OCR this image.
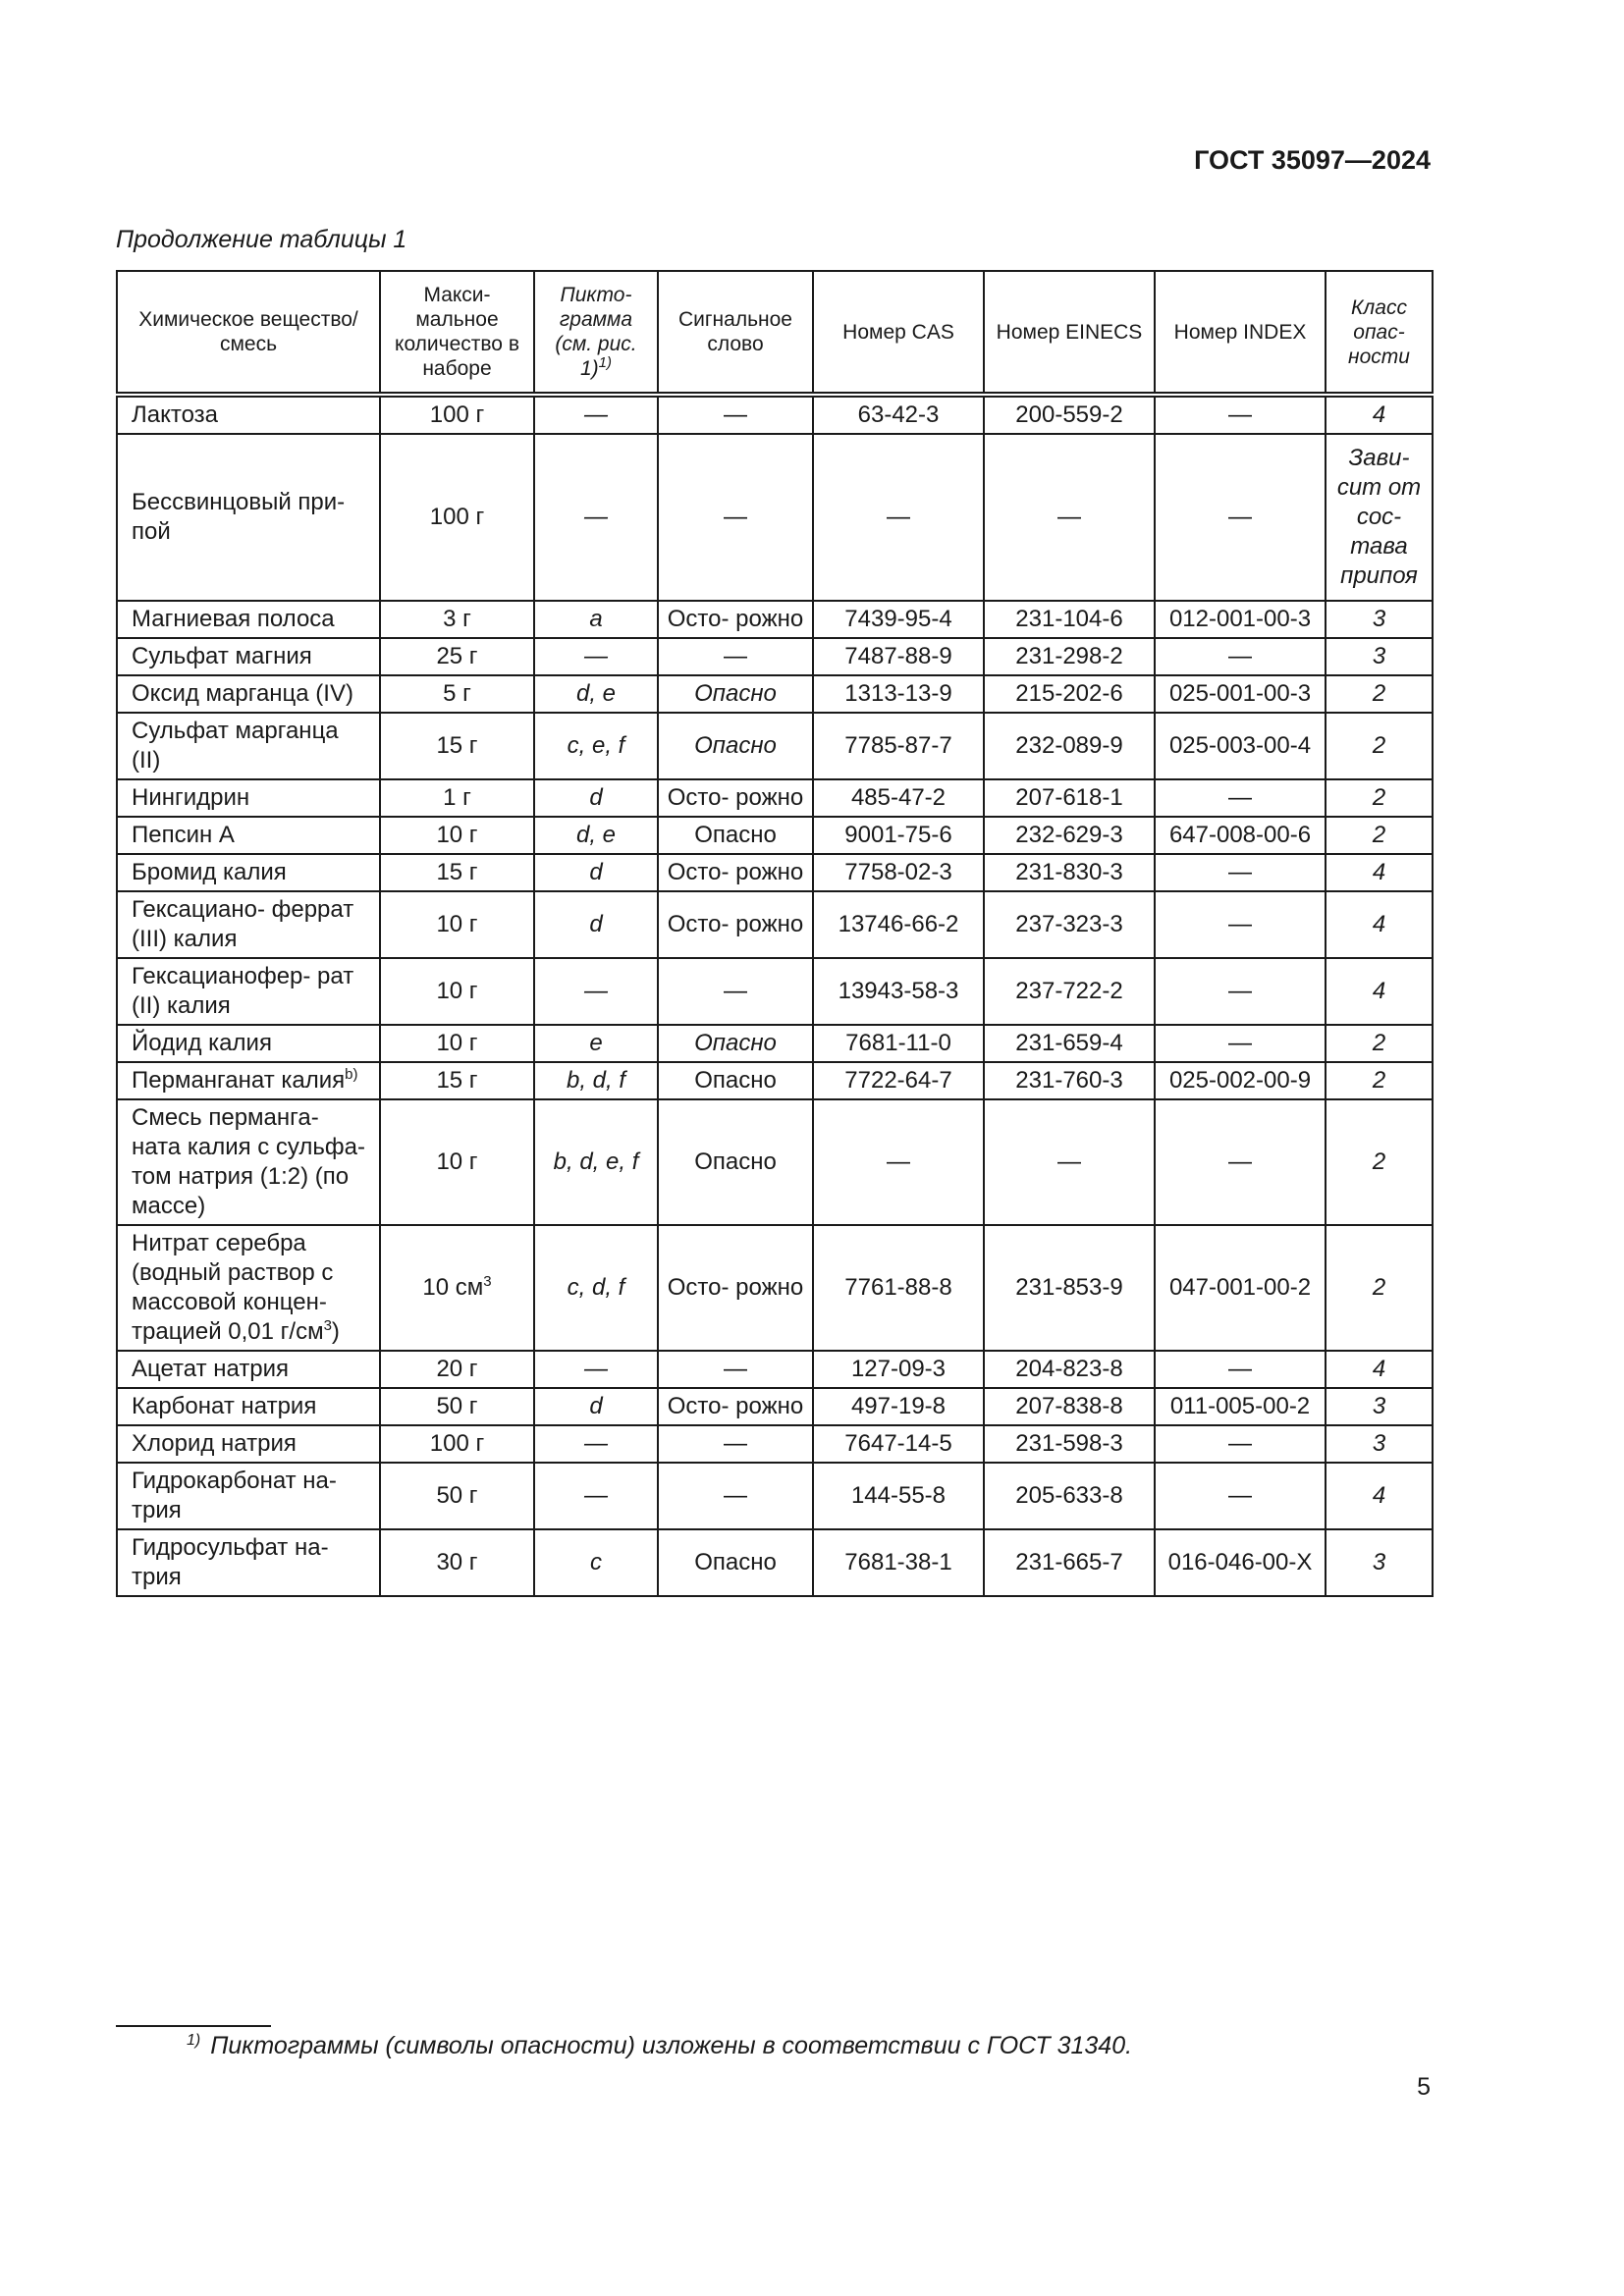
ГОСТ 35097—2024
Продолжение таблицы 1
Химическое вещество/ смесь	Макси- мальное количество в наборе	Пикто- грамма (см. рис. 1)$^{1)}$	Сигнальное слово	Номер CAS	Номер EINECS	Номер INDEX	Класс опас- ности
Лактоза	100 г	—	—	63-42-3	200-559-2	—	4
Бессвинцовый при- пой	100 г	—	—	—	—	—	Зави- сит от сос- тава припоя
Магниевая полоса	3 г	a	Осто- рожно	7439-95-4	231-104-6	012-001-00-3	3
Сульфат магния	25 г	—	—	7487-88-9	231-298-2	—	3
Оксид марганца (IV)	5 г	d, e	Опасно	1313-13-9	215-202-6	025-001-00-3	2
Сульфат марганца (II)	15 г	c, e, f	Опасно	7785-87-7	232-089-9	025-003-00-4	2
Нингидрин	1 г	d	Осто- рожно	485-47-2	207-618-1	—	2
Пепсин А	10 г	d, e	Опасно	9001-75-6	232-629-3	647-008-00-6	2
Бромид калия	15 г	d	Осто- рожно	7758-02-3	231-830-3	—	4
Гексациано- феррат (III) калия	10 г	d	Осто- рожно	13746-66-2	237-323-3	—	4
Гексацианофер- рат (II) калия	10 г	—	—	13943-58-3	237-722-2	—	4
Йодид калия	10 г	e	Опасно	7681-11-0	231-659-4	—	2
Перманганат калия$^{b)}$	15 г	b, d, f	Опасно	7722-64-7	231-760-3	025-002-00-9	2
Смесь перманга- ната калия с сульфа- том натрия (1:2) (по массе)	10 г	b, d, e, f	Опасно	—	—	—	2
Нитрат серебра (водный раствор с массовой концен- трацией 0,01 $г/см^3$)	10 $см^3$	c, d, f	Осто- рожно	7761-88-8	231-853-9	047-001-00-2	2
Ацетат натрия	20 г	—	—	127-09-3	204-823-8	—	4
Карбонат натрия	50 г	d	Осто- рожно	497-19-8	207-838-8	011-005-00-2	3
Хлорид натрия	100 г	—	—	7647-14-5	231-598-3	—	3
Гидрокарбонат на- трия	50 г	—	—	144-55-8	205-633-8	—	4
Гидросульфат на- трия	30 г	c	Опасно	7681-38-1	231-665-7	016-046-00-X	3
$^{1)}$ Пиктограммы (символы опасности) изложены в соответствии с ГОСТ 31340.
5
